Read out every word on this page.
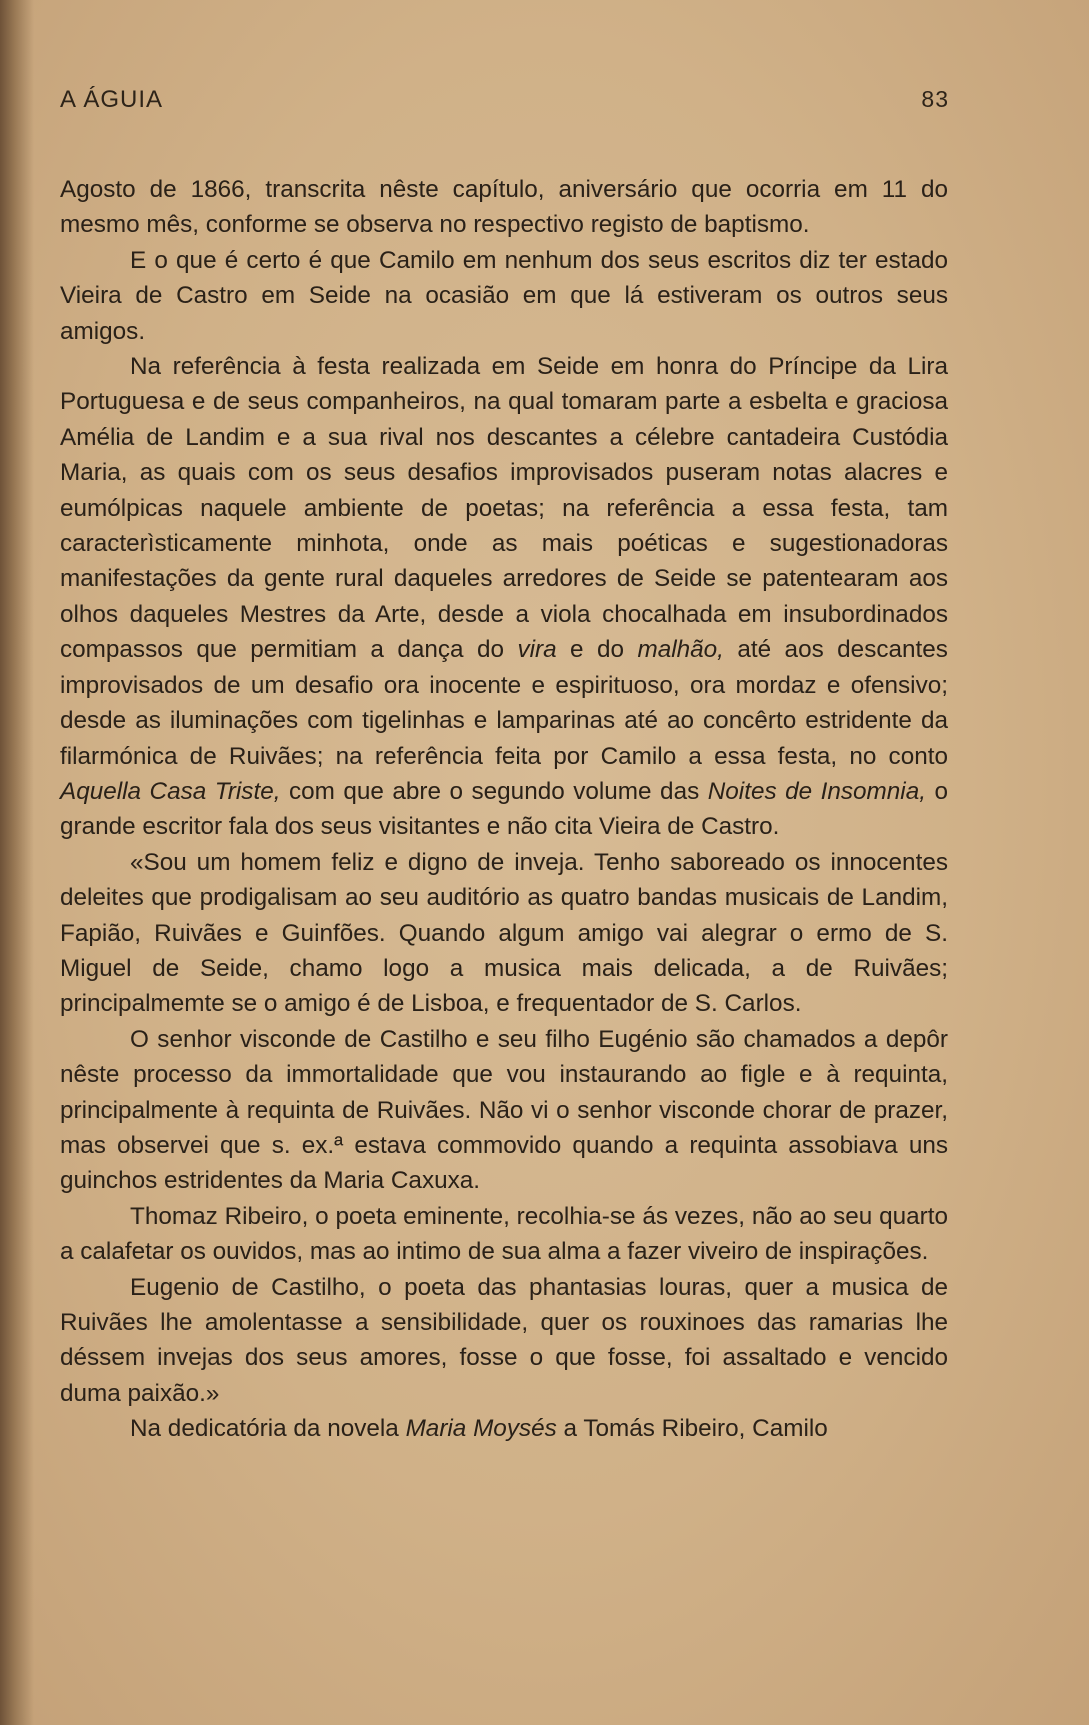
A ÁGUIA	83

Agosto de 1866, transcrita nêste capítulo, aniversário que ocorria em 11 do mesmo mês, conforme se observa no respectivo registo de baptismo.

E o que é certo é que Camilo em nenhum dos seus escritos diz ter estado Vieira de Castro em Seide na ocasião em que lá estiveram os outros seus amigos.

Na referência à festa realizada em Seide em honra do Príncipe da Lira Portuguesa e de seus companheiros, na qual tomaram parte a esbelta e graciosa Amélia de Landim e a sua rival nos descantes a célebre cantadeira Custódia Maria, as quais com os seus desafios improvisados puseram notas alacres e eumólpicas naquele ambiente de poetas; na referência a essa festa, tam caracterìsticamente minhota, onde as mais poéticas e sugestionadoras manifestações da gente rural daqueles arredores de Seide se patentearam aos olhos daqueles Mestres da Arte, desde a viola chocalhada em insubordinados compassos que permitiam a dança do vira e do malhão, até aos descantes improvisados de um desafio ora inocente e espirituoso, ora mordaz e ofensivo; desde as iluminações com tigelinhas e lamparinas até ao concêrto estridente da filarmónica de Ruivães; na referência feita por Camilo a essa festa, no conto Aquella Casa Triste, com que abre o segundo volume das Noites de Insomnia, o grande escritor fala dos seus visitantes e não cita Vieira de Castro.

«Sou um homem feliz e digno de inveja. Tenho saboreado os innocentes deleites que prodigalisam ao seu auditório as quatro bandas musicais de Landim, Fapião, Ruivães e Guinfões. Quando algum amigo vai alegrar o ermo de S. Miguel de Seide, chamo logo a musica mais delicada, a de Ruivães; principalmemte se o amigo é de Lisboa, e frequentador de S. Carlos.

O senhor visconde de Castilho e seu filho Eugénio são chamados a depôr nêste processo da immortalidade que vou instaurando ao figle e à requinta, principalmente à requinta de Ruivães. Não vi o senhor visconde chorar de prazer, mas observei que s. ex.ª estava commovido quando a requinta assobiava uns guinchos estridentes da Maria Caxuxa.

Thomaz Ribeiro, o poeta eminente, recolhia-se ás vezes, não ao seu quarto a calafetar os ouvidos, mas ao intimo de sua alma a fazer viveiro de inspirações.

Eugenio de Castilho, o poeta das phantasias louras, quer a musica de Ruivães lhe amolentasse a sensibilidade, quer os rouxinoes das ramarias lhe déssem invejas dos seus amores, fosse o que fosse, foi assaltado e vencido duma paixão.»

Na dedicatória da novela Maria Moysés a Tomás Ribeiro, Camilo
